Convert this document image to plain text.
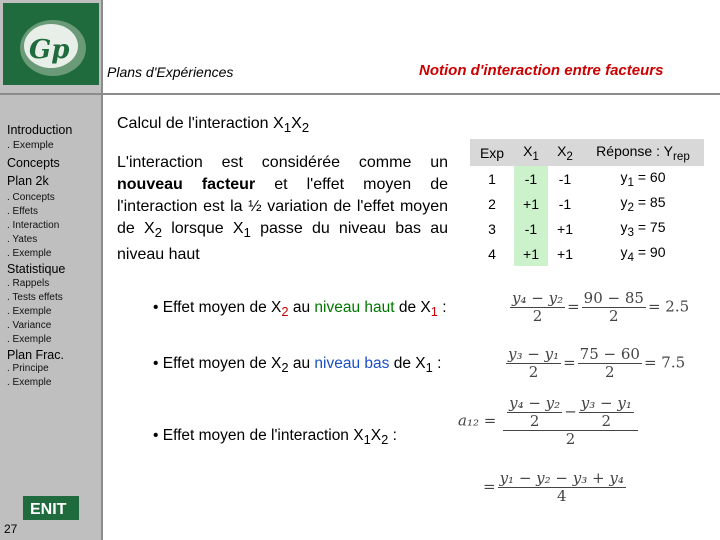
Gp
Introduction
. Exemple
Concepts Plan 2k
. Concepts
. Effets
. Interaction
. Yates
. Exemple
Statistique
. Rappels
. Tests effets
. Exemple
. Variance
. Exemple
Plan Frac.
. Principe
. Exemple
ENIT
27
Plans d'Expériences	Notion d'interaction entre facteurs
Calcul de l'interaction $X_1X_2$
L'interaction est considérée comme un nouveau facteur et l'effet moyen de l'interaction est la ½ variation de l'effet moyen de $X_2$ lorsque $X_1$ passe du niveau bas au niveau haut
Exp	$X_1$	$X_2$	Réponse : $Y_{rep}$
1	-1	-1	$y_1 = 60$
2	+1	-1	$y_2 = 85$
3	-1	+1	$y_3 = 75$
4	+1	+1	$y_4 = 90$
• Effet moyen de $X_2$ au niveau haut de $X_1$ :	$\frac{\text{y₄ − y₂}}{2} = \frac{90 - 85}{2} = 2.5$
• Effet moyen de $X_2$ au niveau bas de $X_1$ :	$\frac{\text{y₃ − y₁}}{2} = \frac{75 - 60}{2} = 7.5$
• Effet moyen de l'interaction $X_1X_2$ :
$a_{12} = \frac{\frac{\text{y₄ − y₂}}{2} - \frac{\text{y₃ − y₁}}{2}}{2}$
= $\frac{\text{y₁ − y₂ − y₃ + y₄}}{4}$
